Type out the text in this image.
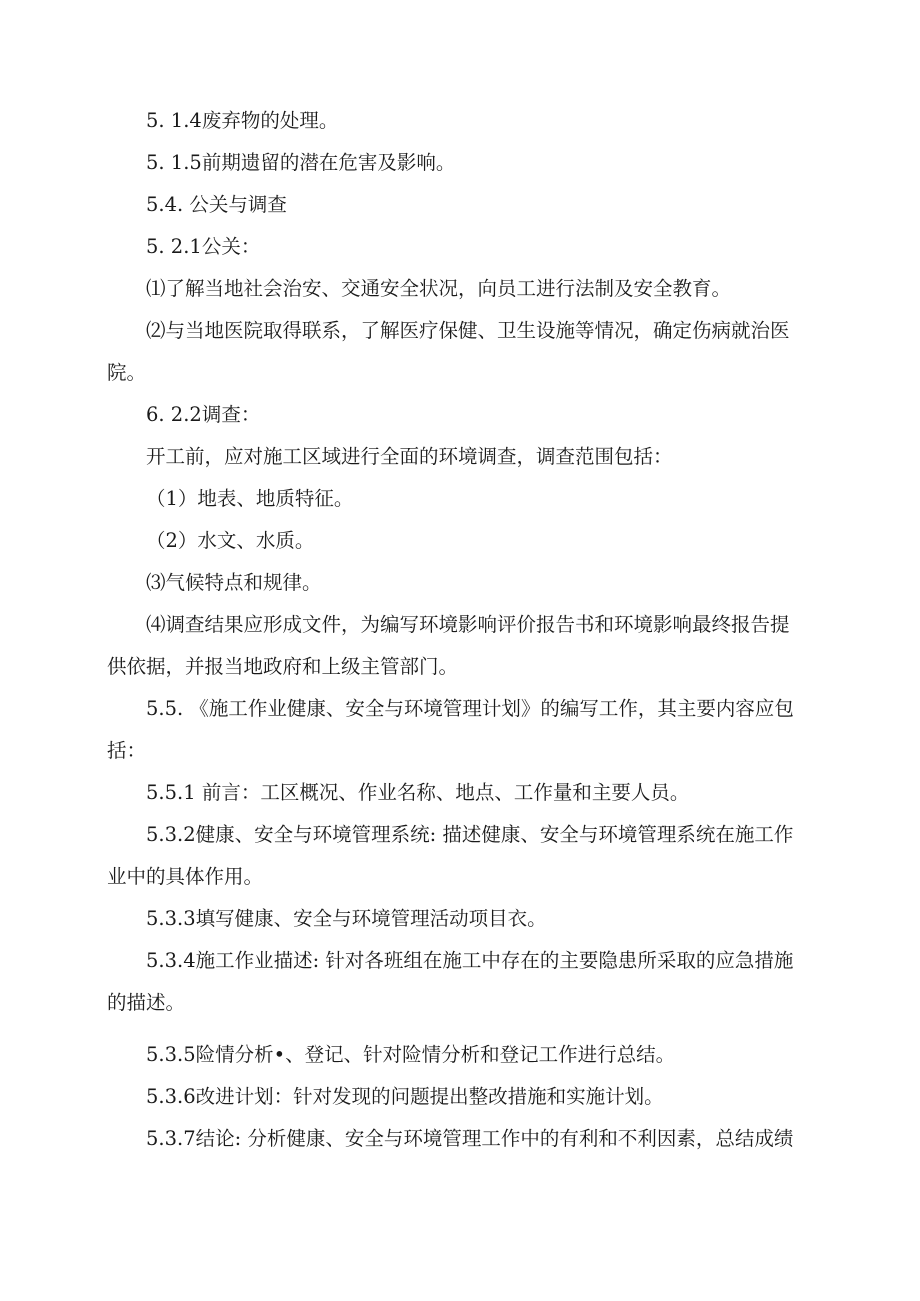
5. 1.4废弃物的处理。
5. 1.5前期遗留的潜在危害及影响。
5.4. 公关与调查
5. 2.1公关：
⑴了解当地社会治安、交通安全状况，向员工进行法制及安全教育。
⑵与当地医院取得联系，了解医疗保健、卫生设施等情况，确定伤病就治医
院。
6. 2.2调查：
开工前，应对施工区域进行全面的环境调查，调查范围包括：
（1）地表、地质特征。
（2）水文、水质。
⑶气候特点和规律。
⑷调查结果应形成文件，为编写环境影响评价报告书和环境影响最终报告提
供依据，并报当地政府和上级主管部门。
5.5. 《施工作业健康、安全与环境管理计划》的编写工作，其主要内容应包
括：
5.5.1 前言：工区概况、作业名称、地点、工作量和主要人员。
5.3.2健康、安全与环境管理系统: 描述健康、安全与环境管理系统在施工作
业中的具体作用。
5.3.3填写健康、安全与环境管理活动项目衣。
5.3.4施工作业描述: 针对各班组在施工中存在的主要隐患所采取的应急措施
的描述。
5.3.5险情分析•、登记、针对险情分析和登记工作进行总结。
5.3.6改进计划：针对发现的问题提出整改措施和实施计划。
5.3.7结论: 分析健康、安全与环境管理工作中的有利和不利因素，总结成绩
